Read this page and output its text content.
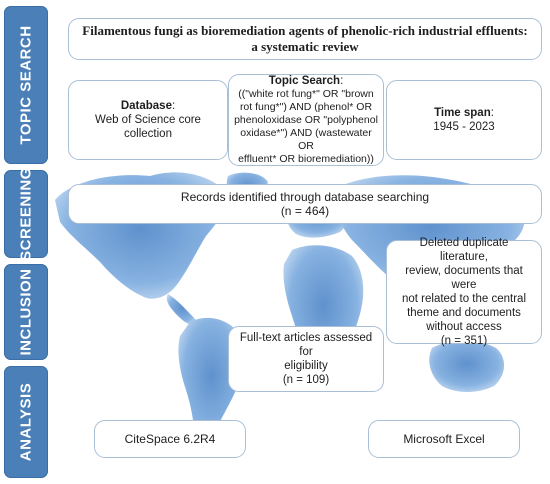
TOPIC SEARCH
SCREENING
INCLUSION
ANALYSIS
Filamentous fungi as bioremediation agents of phenolic-rich industrial effluents:
a systematic review
Database:
Web of Science core
collection
Topic Search:
(("white rot fung*" OR "brown
rot fung*") AND (phenol* OR
phenoloxidase OR "polyphenol
oxidase*") AND (wastewater OR
effluent* OR bioremediation))
Time span:
1945 - 2023
Records identified through database searching
(n = 464)
Deleted duplicate literature,
review, documents that were
not related to the central
theme and documents
without access
(n = 351)
Full-text articles assessed for
eligibility
(n = 109)
CiteSpace 6.2R4	Microsoft Excel
